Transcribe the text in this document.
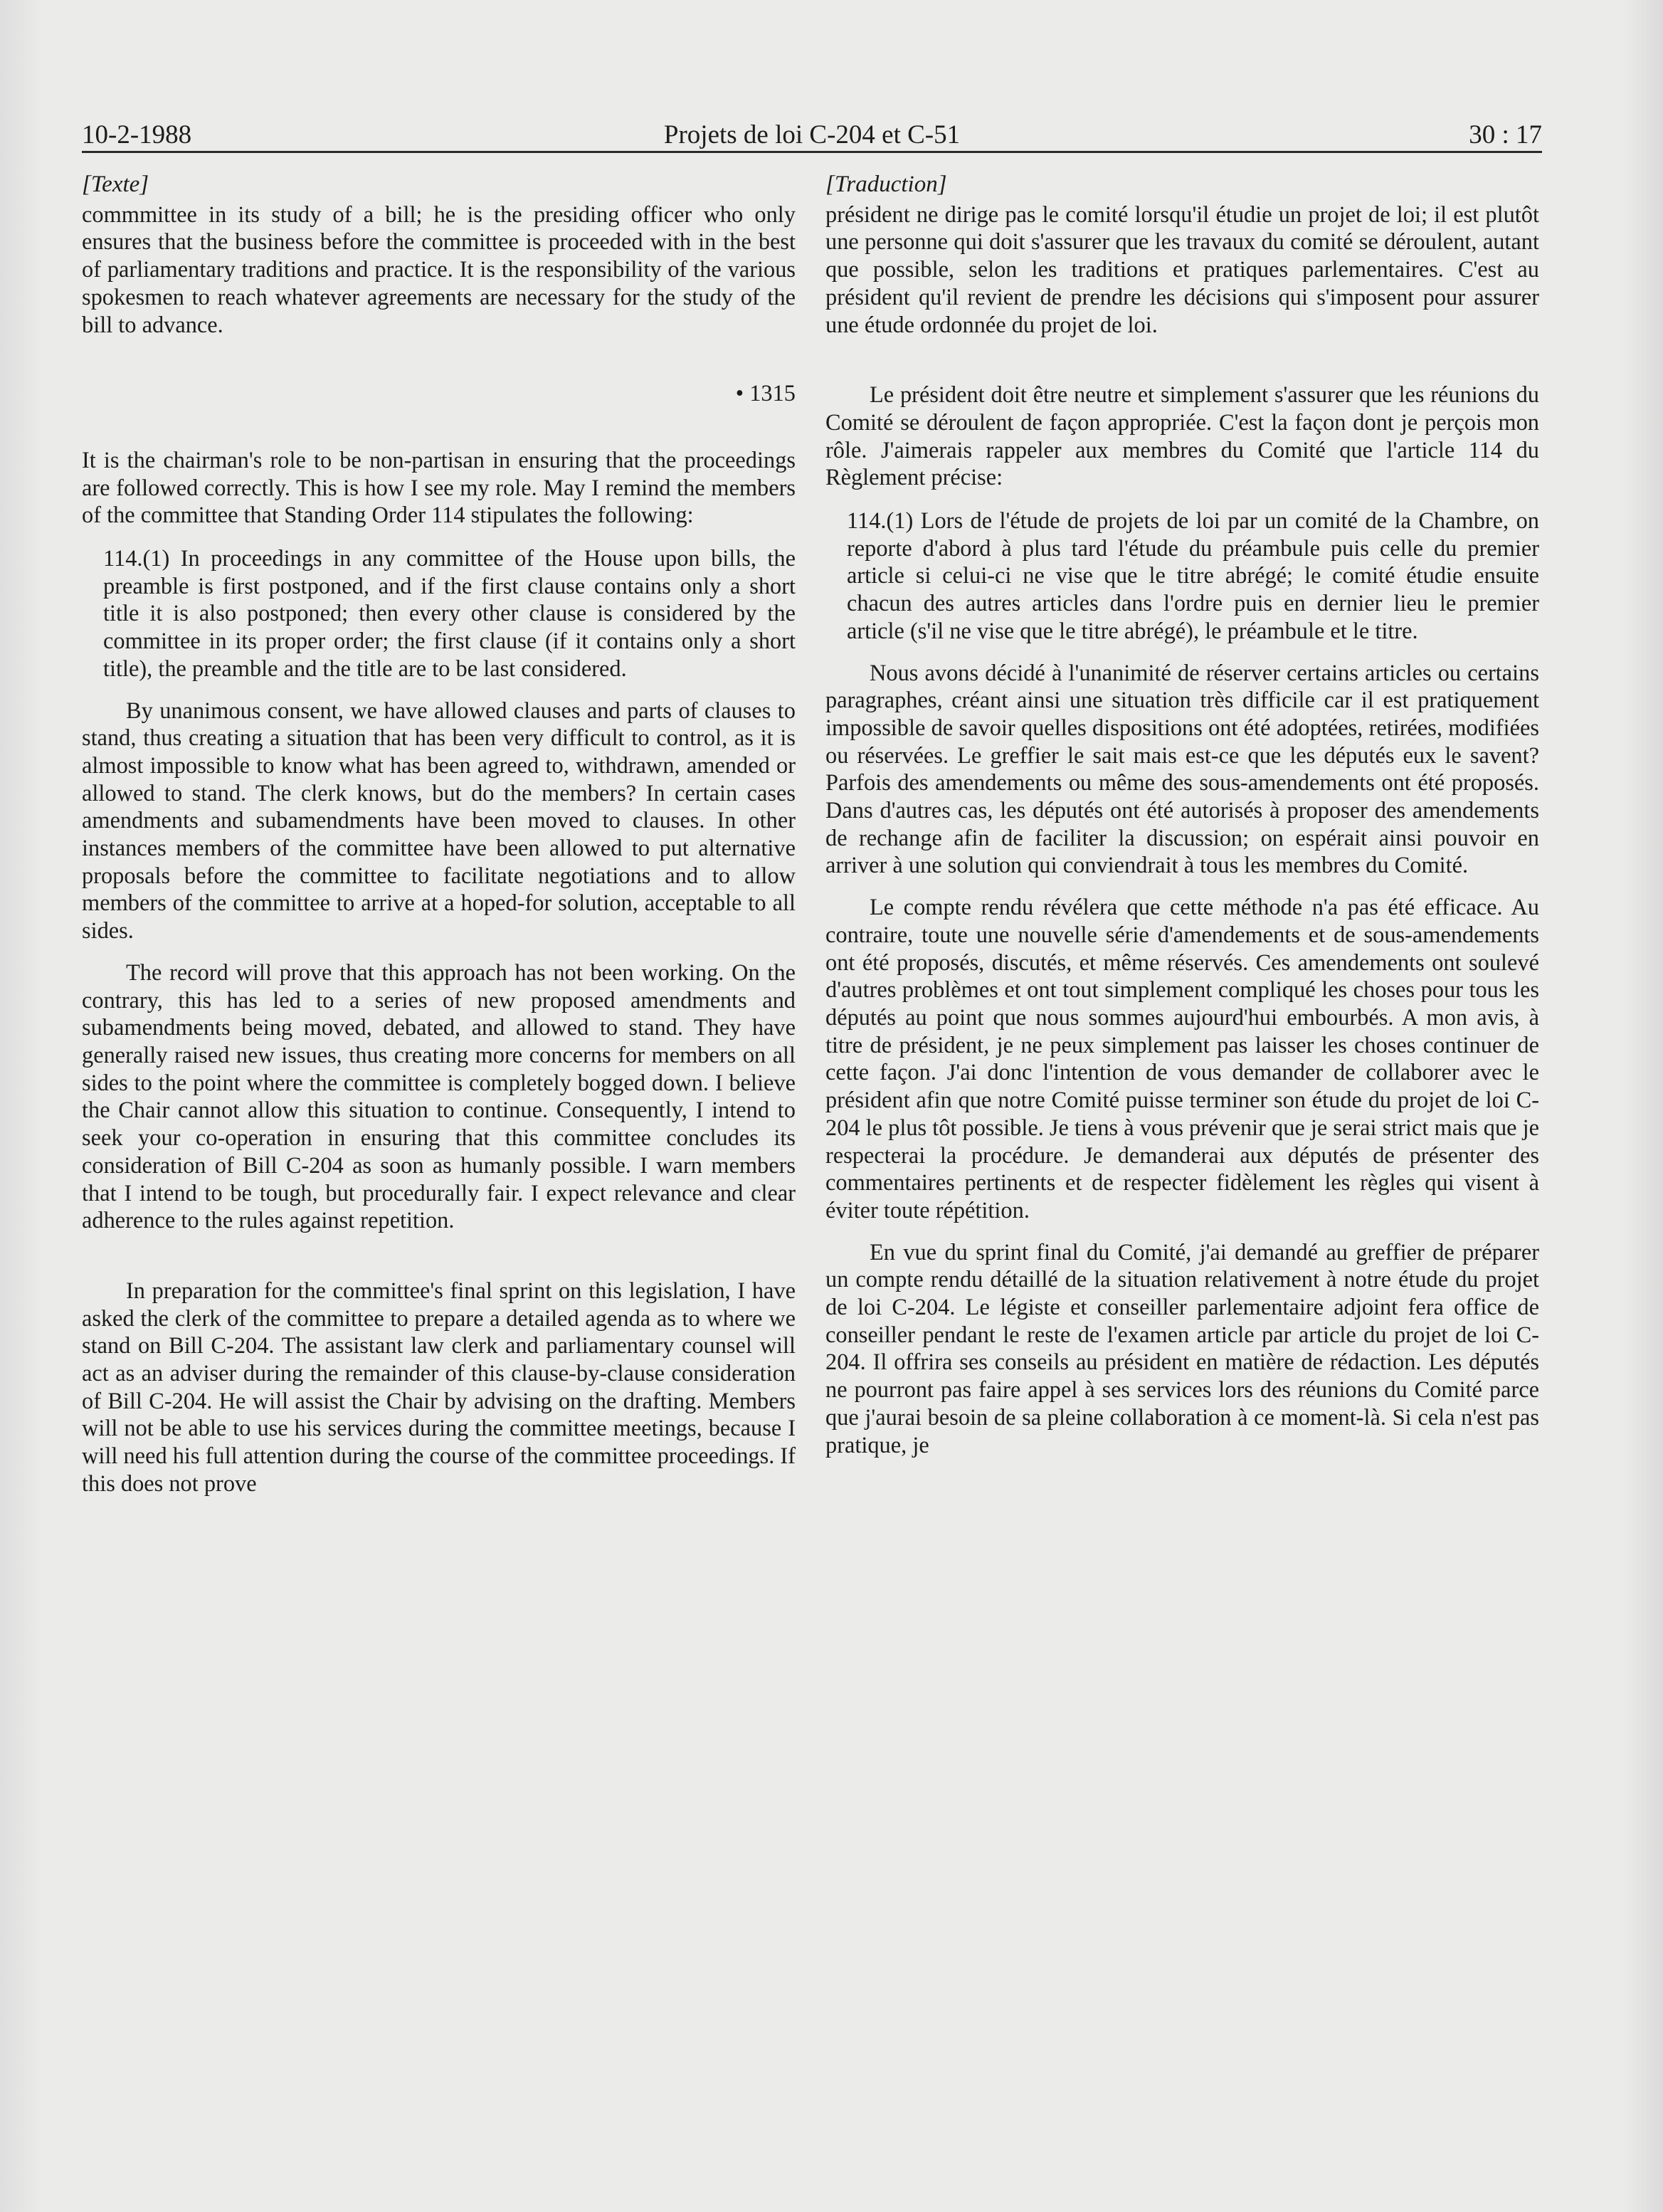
10-2-1988	Projets de loi C-204 et C-51	30 : 17
[Texte]

commmittee in its study of a bill; he is the presiding officer who only ensures that the business before the committee is proceeded with in the best of parliamentary traditions and practice. It is the responsibility of the various spokesmen to reach whatever agreements are necessary for the study of the bill to advance.

• 1315

It is the chairman's role to be non-partisan in ensuring that the proceedings are followed correctly. This is how I see my role. May I remind the members of the committee that Standing Order 114 stipulates the following:

114.(1) In proceedings in any committee of the House upon bills, the preamble is first postponed, and if the first clause contains only a short title it is also postponed; then every other clause is considered by the committee in its proper order; the first clause (if it contains only a short title), the preamble and the title are to be last considered.

By unanimous consent, we have allowed clauses and parts of clauses to stand, thus creating a situation that has been very difficult to control, as it is almost impossible to know what has been agreed to, withdrawn, amended or allowed to stand. The clerk knows, but do the members? In certain cases amendments and subamendments have been moved to clauses. In other instances members of the committee have been allowed to put alternative proposals before the committee to facilitate negotiations and to allow members of the committee to arrive at a hoped-for solution, acceptable to all sides.

The record will prove that this approach has not been working. On the contrary, this has led to a series of new proposed amendments and subamendments being moved, debated, and allowed to stand. They have generally raised new issues, thus creating more concerns for members on all sides to the point where the committee is completely bogged down. I believe the Chair cannot allow this situation to continue. Consequently, I intend to seek your co-operation in ensuring that this committee concludes its consideration of Bill C-204 as soon as humanly possible. I warn members that I intend to be tough, but procedurally fair. I expect relevance and clear adherence to the rules against repetition.

In preparation for the committee's final sprint on this legislation, I have asked the clerk of the committee to prepare a detailed agenda as to where we stand on Bill C-204. The assistant law clerk and parliamentary counsel will act as an adviser during the remainder of this clause-by-clause consideration of Bill C-204. He will assist the Chair by advising on the drafting. Members will not be able to use his services during the committee meetings, because I will need his full attention during the course of the committee proceedings. If this does not prove

[Traduction]

président ne dirige pas le comité lorsqu'il étudie un projet de loi; il est plutôt une personne qui doit s'assurer que les travaux du comité se déroulent, autant que possible, selon les traditions et pratiques parlementaires. C'est au président qu'il revient de prendre les décisions qui s'imposent pour assurer une étude ordonnée du projet de loi.

Le président doit être neutre et simplement s'assurer que les réunions du Comité se déroulent de façon appropriée. C'est la façon dont je perçois mon rôle. J'aimerais rappeler aux membres du Comité que l'article 114 du Règlement précise:

114.(1) Lors de l'étude de projets de loi par un comité de la Chambre, on reporte d'abord à plus tard l'étude du préambule puis celle du premier article si celui-ci ne vise que le titre abrégé; le comité étudie ensuite chacun des autres articles dans l'ordre puis en dernier lieu le premier article (s'il ne vise que le titre abrégé), le préambule et le titre.

Nous avons décidé à l'unanimité de réserver certains articles ou certains paragraphes, créant ainsi une situation très difficile car il est pratiquement impossible de savoir quelles dispositions ont été adoptées, retirées, modifiées ou réservées. Le greffier le sait mais est-ce que les députés eux le savent? Parfois des amendements ou même des sous-amendements ont été proposés. Dans d'autres cas, les députés ont été autorisés à proposer des amendements de rechange afin de faciliter la discussion; on espérait ainsi pouvoir en arriver à une solution qui conviendrait à tous les membres du Comité.

Le compte rendu révélera que cette méthode n'a pas été efficace. Au contraire, toute une nouvelle série d'amendements et de sous-amendements ont été proposés, discutés, et même réservés. Ces amendements ont soulevé d'autres problèmes et ont tout simplement compliqué les choses pour tous les députés au point que nous sommes aujourd'hui embourbés. A mon avis, à titre de président, je ne peux simplement pas laisser les choses continuer de cette façon. J'ai donc l'intention de vous demander de collaborer avec le président afin que notre Comité puisse terminer son étude du projet de loi C-204 le plus tôt possible. Je tiens à vous prévenir que je serai strict mais que je respecterai la procédure. Je demanderai aux députés de présenter des commentaires pertinents et de respecter fidèlement les règles qui visent à éviter toute répétition.

En vue du sprint final du Comité, j'ai demandé au greffier de préparer un compte rendu détaillé de la situation relativement à notre étude du projet de loi C-204. Le légiste et conseiller parlementaire adjoint fera office de conseiller pendant le reste de l'examen article par article du projet de loi C-204. Il offrira ses conseils au président en matière de rédaction. Les députés ne pourront pas faire appel à ses services lors des réunions du Comité parce que j'aurai besoin de sa pleine collaboration à ce moment-là. Si cela n'est pas pratique, je
